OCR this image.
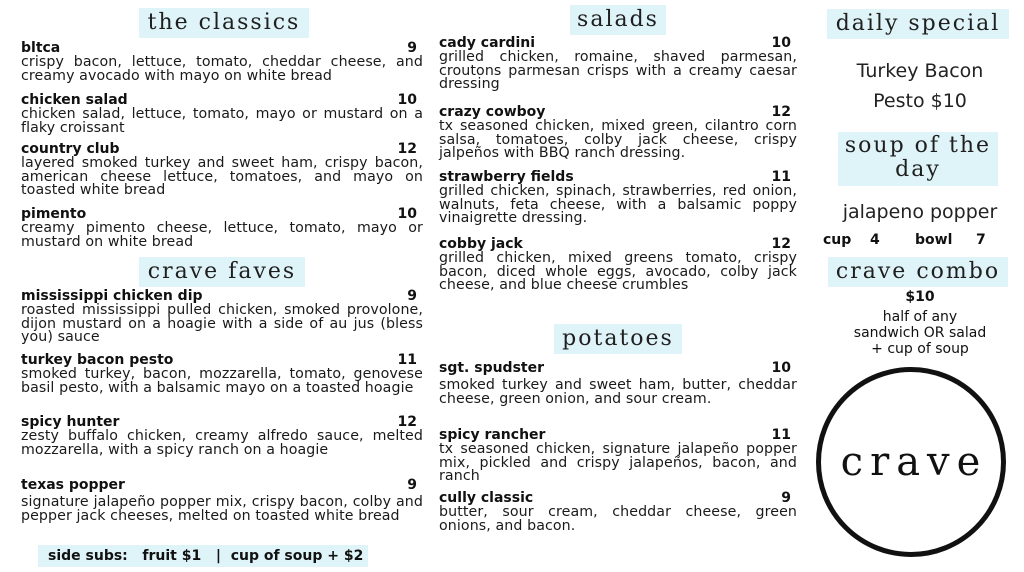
the classics
bltca	9
crispy bacon, lettuce, tomato, cheddar cheese, and creamy avocado with mayo on white bread
chicken salad	10
chicken salad, lettuce, tomato, mayo or mustard on a flaky croissant
country club	12
layered smoked turkey and sweet ham, crispy bacon, american cheese lettuce, tomatoes, and mayo on toasted white bread
pimento	10
creamy pimento cheese, lettuce, tomato, mayo or mustard on white bread
crave faves
mississippi chicken dip	9
roasted mississippi pulled chicken, smoked provolone, dijon mustard on a hoagie with a side of au jus (bless you) sauce
turkey bacon pesto	11
smoked turkey, bacon, mozzarella, tomato, genovese basil pesto, with a balsamic mayo on a toasted hoagie
spicy hunter	12
zesty buffalo chicken, creamy alfredo sauce, melted mozzarella, with a spicy ranch on a hoagie
texas popper	9
signature jalapeño popper mix, crispy bacon, colby and pepper jack cheeses, melted on toasted white bread
side subs:   fruit $1   |  cup of soup + $2
salads
cady cardini	10
grilled chicken, romaine, shaved parmesan, croutons parmesan crisps with a creamy caesar dressing
crazy cowboy	12
tx seasoned chicken, mixed green, cilantro corn salsa, tomatoes, colby jack cheese, crispy jalpeños with BBQ ranch dressing.
strawberry fields	11
grilled chicken, spinach, strawberries, red onion, walnuts, feta cheese, with a balsamic poppy vinaigrette dressing.
cobby jack	12
grilled chicken, mixed greens tomato, crispy bacon, diced whole eggs, avocado, colby jack cheese, and blue cheese crumbles
potatoes
sgt. spudster	10
smoked turkey and sweet ham, butter, cheddar cheese, green onion, and sour cream.
spicy rancher	11
tx seasoned chicken, signature jalapeño popper mix, pickled and crispy jalapeños, bacon, and ranch
cully classic	9
butter, sour cream, cheddar cheese, green onions, and bacon.
daily special
Turkey Bacon
Pesto $10
soup of the
day
jalapeno popper
cup 4	bowl 7
crave combo
$10
half of any
sandwich OR salad
+ cup of soup
crave
